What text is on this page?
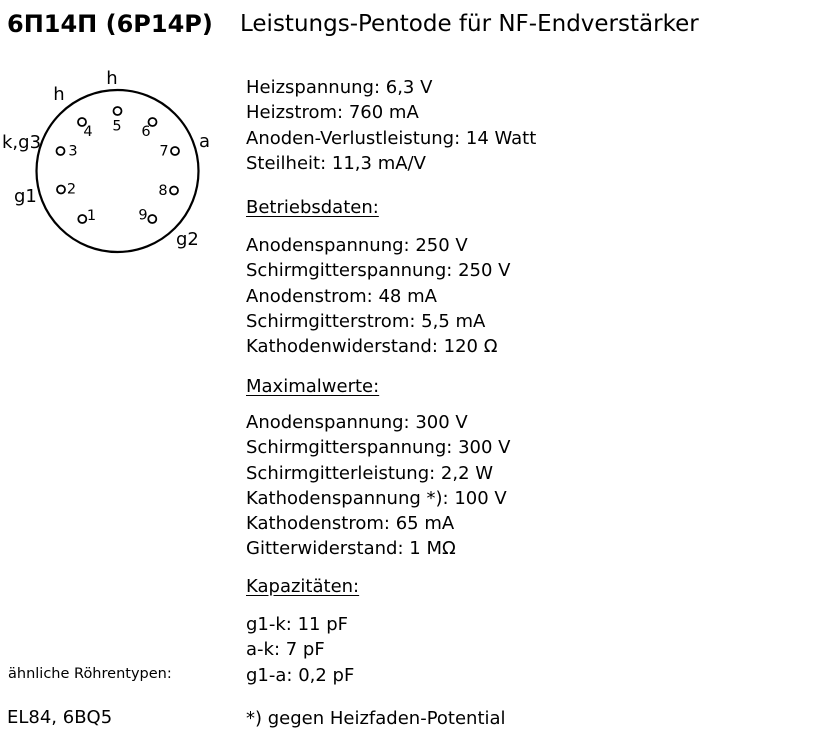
6П14П (6P14P) Leistungs-Pentode für NF-Endverstärker
5
4	6
3	7
2	8
1	9
h
h
k,g3
g1
a
g2
Heizspannung: 6,3 V
Heizstrom: 760 mA
Anoden-Verlustleistung: 14 Watt
Steilheit: 11,3 mA/V
Betriebsdaten:
Anodenspannung: 250 V
Schirmgitterspannung: 250 V
Anodenstrom: 48 mA
Schirmgitterstrom: 5,5 mA
Kathodenwiderstand: 120 Ω
Maximalwerte:
Anodenspannung: 300 V
Schirmgitterspannung: 300 V
Schirmgitterleistung: 2,2 W
Kathodenspannung *): 100 V
Kathodenstrom: 65 mA
Gitterwiderstand: 1 MΩ
Kapazitäten:
g1-k: 11 pF
a-k: 7 pF
g1-a: 0,2 pF
*) gegen Heizfaden-Potential
ähnliche Röhrentypen:
EL84, 6BQ5
